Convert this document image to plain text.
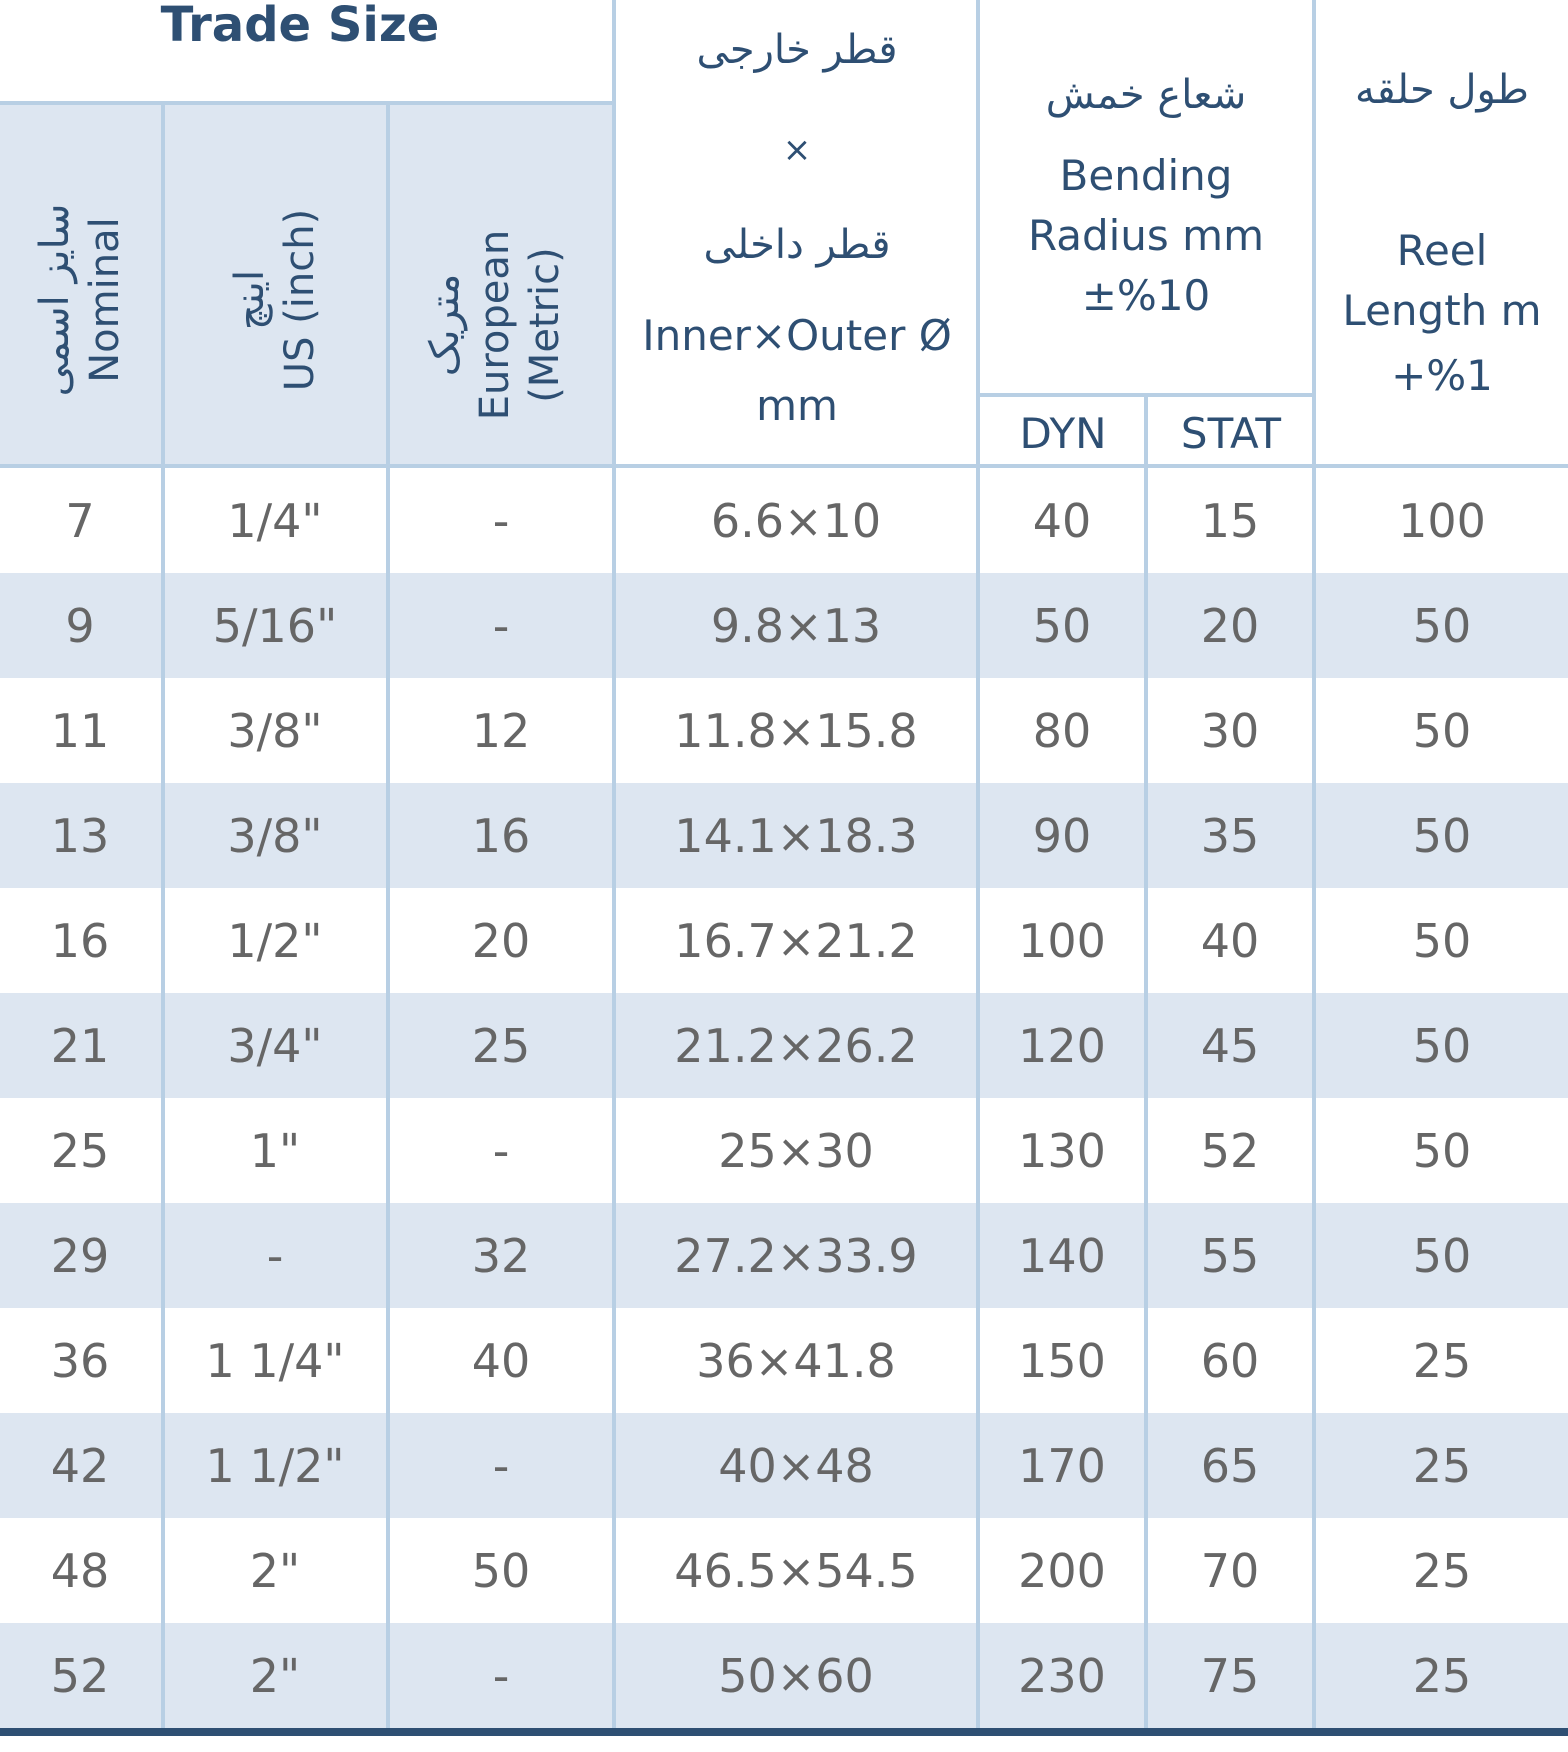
Trade Size
سایز اسمی Nominal اینچ US (inch) متریک European (Metric)
قطر خارجی
×
قطر داخلی
Inner×Outer Ø
mm
شعاع خمش
Bending
Radius mm
±%10
DYN	STAT
طول حلقه
Reel
Length m
+%1
7	1/4"	-	6.6×10	40	15	100
9	5/16"	-	9.8×13	50	20	50
11	3/8"	12	11.8×15.8	80	30	50
13	3/8"	16	14.1×18.3	90	35	50
16	1/2"	20	16.7×21.2	100	40	50
21	3/4"	25	21.2×26.2	120	45	50
25	1"	-	25×30	130	52	50
29	-	32	27.2×33.9	140	55	50
36	1 1/4"	40	36×41.8	150	60	25
42	1 1/2"	-	40×48	170	65	25
48	2"	50	46.5×54.5	200	70	25
52	2"	-	50×60	230	75	25
